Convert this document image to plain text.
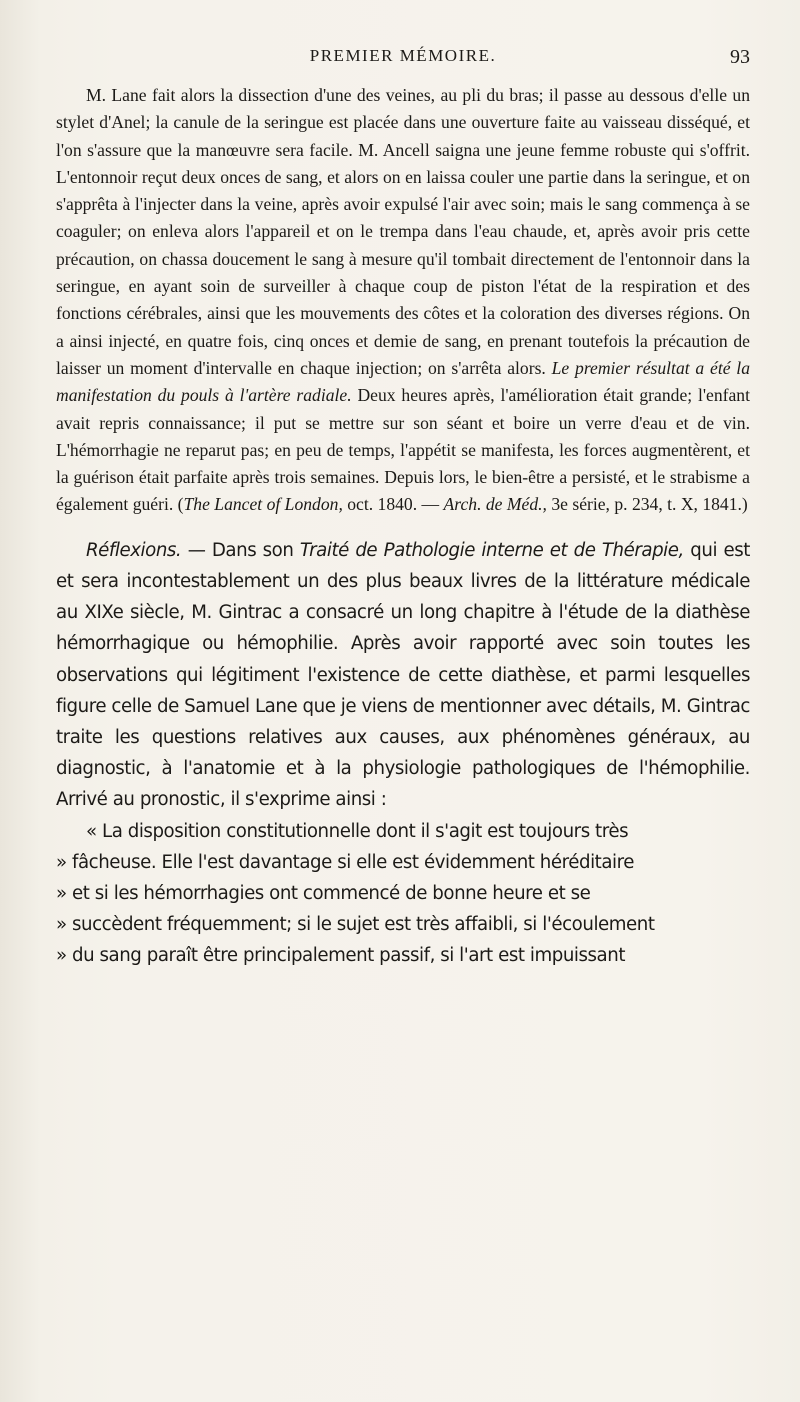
PREMIER MÉMOIRE.	93

M. Lane fait alors la dissection d'une des veines, au pli du bras; il passe au dessous d'elle un stylet d'Anel; la canule de la seringue est placée dans une ouverture faite au vaisseau disséqué, et l'on s'assure que la manœuvre sera facile. M. Ancell saigna une jeune femme robuste qui s'offrit. L'entonnoir reçut deux onces de sang, et alors on en laissa couler une partie dans la seringue, et on s'apprêta à l'injecter dans la veine, après avoir expulsé l'air avec soin; mais le sang commença à se coaguler; on enleva alors l'appareil et on le trempa dans l'eau chaude, et, après avoir pris cette précaution, on chassa doucement le sang à mesure qu'il tombait directement de l'entonnoir dans la seringue, en ayant soin de surveiller à chaque coup de piston l'état de la respiration et des fonctions cérébrales, ainsi que les mouvements des côtes et la coloration des diverses régions. On a ainsi injecté, en quatre fois, cinq onces et demie de sang, en prenant toutefois la précaution de laisser un moment d'intervalle en chaque injection; on s'arrêta alors. Le premier résultat a été la manifestation du pouls à l'artère radiale. Deux heures après, l'amélioration était grande; l'enfant avait repris connaissance; il put se mettre sur son séant et boire un verre d'eau et de vin. L'hémorrhagie ne reparut pas; en peu de temps, l'appétit se manifesta, les forces augmentèrent, et la guérison était parfaite après trois semaines. Depuis lors, le bien-être a persisté, et le strabisme a également guéri. (The Lancet of London, oct. 1840. — Arch. de Méd., 3e série, p. 234, t. X, 1841.)

Réflexions. — Dans son Traité de Pathologie interne et de Thérapie, qui est et sera incontestablement un des plus beaux livres de la littérature médicale au XIXe siècle, M. Gintrac a consacré un long chapitre à l'étude de la diathèse hémorrhagique ou hémophilie. Après avoir rapporté avec soin toutes les observations qui légitiment l'existence de cette diathèse, et parmi lesquelles figure celle de Samuel Lane que je viens de mentionner avec détails, M. Gintrac traite les questions relatives aux causes, aux phénomènes généraux, au diagnostic, à l'anatomie et à la physiologie pathologiques de l'hémophilie. Arrivé au pronostic, il s'exprime ainsi :

« La disposition constitutionnelle dont il s'agit est toujours très
» fâcheuse. Elle l'est davantage si elle est évidemment héréditaire
» et si les hémorrhagies ont commencé de bonne heure et se
» succèdent fréquemment; si le sujet est très affaibli, si l'écoulement
» du sang paraît être principalement passif, si l'art est impuissant
